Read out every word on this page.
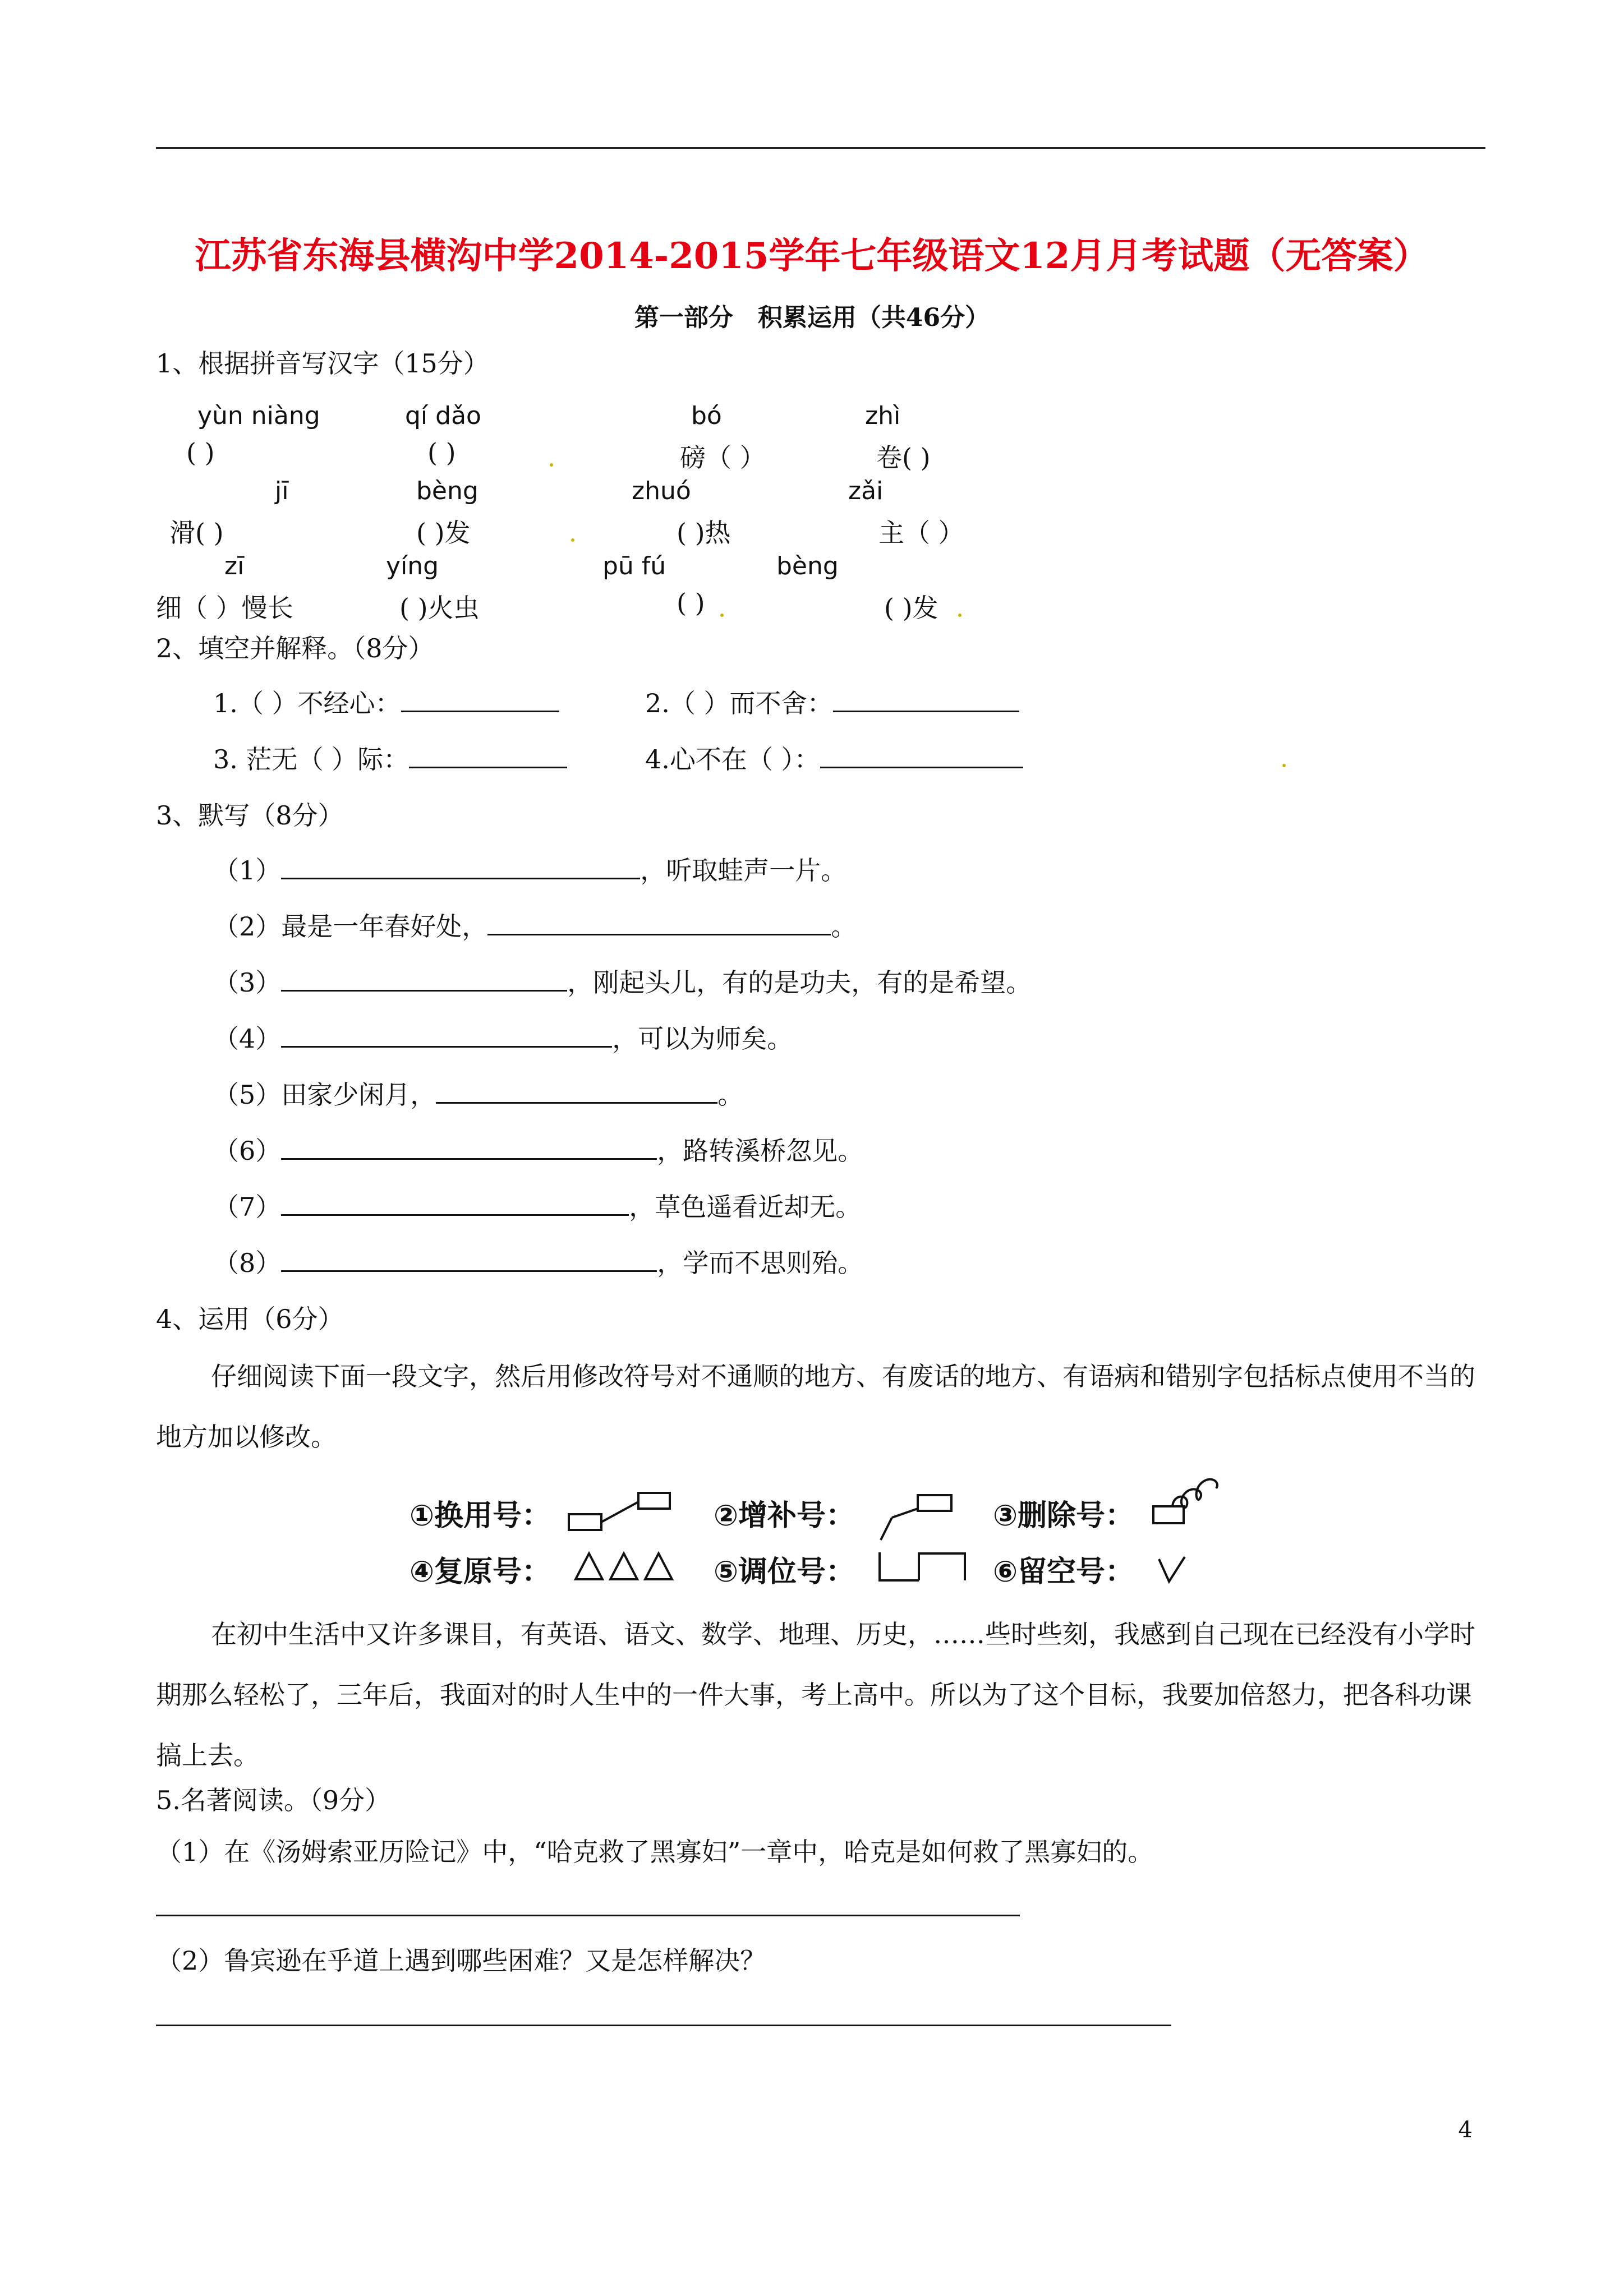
江苏省东海县横沟中学2014-2015学年七年级语文12月月考试题（无答案）
第一部分　积累运用（共46分）
1、根据拼音写汉字（15分）
yùn niàng	qí dǎo	bó	zhì
( )	( )	磅（ ）	卷( )
jī	bèng	zhuó	zǎi
滑( )	( )发	( )热	主（ ）
zī	yíng	pū fú	bèng
细（ ）慢长	( )火虫	( )	( )发
2、填空并解释。（8分）
1.（ ）不经心：	2.（ ）而不舍：
3. 茫无（ ）际：	4.心不在（ ）：
3、默写（8分）
（1）	，听取蛙声一片。
（2）最是一年春好处，	。
（3）	，刚起头儿，有的是功夫，有的是希望。
（4）	，可以为师矣。
（5）田家少闲月，	。
（6）	，路转溪桥忽见。
（7）	，草色遥看近却无。
（8）	，学而不思则殆。
4、运用（6分）
仔细阅读下面一段文字，然后用修改符号对不通顺的地方、有废话的地方、有语病和错别字包括标点使用不当的地方加以修改。
①换用号：	②增补号：	③删除号：
④复原号：	⑤调位号：	⑥留空号：
在初中生活中又许多课目，有英语、语文、数学、地理、历史，……些时些刻，我感到自己现在已经没有小学时期那么轻松了，三年后，我面对的时人生中的一件大事，考上高中。所以为了这个目标，我要加倍怒力，把各科功课搞上去。
5.名著阅读。（9分）
（1）在《汤姆索亚历险记》中，“哈克救了黑寡妇”一章中，哈克是如何救了黑寡妇的。
（2）鲁宾逊在乎道上遇到哪些困难？又是怎样解决？
4
